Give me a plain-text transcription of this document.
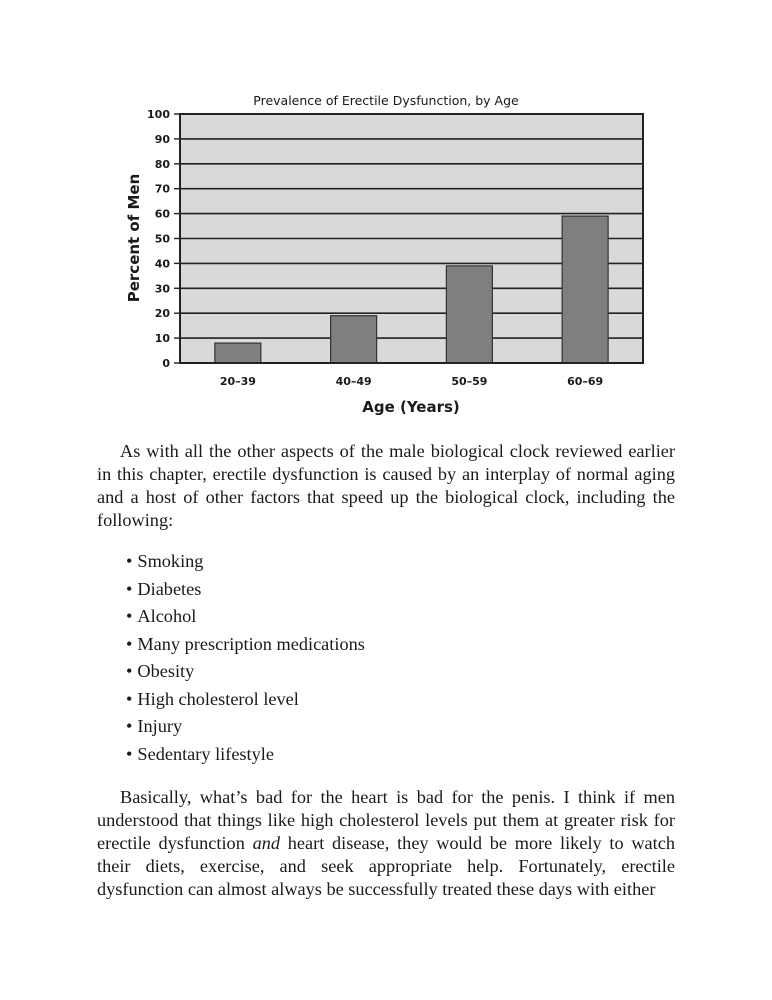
Prevalence of Erectile Dysfunction, by Age
0
10
20
30
40
50
60
70
80
90
100
20–39	40–49	50–59	60–69
Percent of Men
Age (Years)

As with all the other aspects of the male biological clock reviewed earlier in this chapter, erectile dysfunction is caused by an interplay of normal aging and a host of other factors that speed up the biological clock, including the following:

• Smoking
• Diabetes
• Alcohol
• Many prescription medications
• Obesity
• High cholesterol level
• Injury
• Sedentary lifestyle

Basically, what’s bad for the heart is bad for the penis. I think if men understood that things like high cholesterol levels put them at greater risk for erectile dysfunction and heart disease, they would be more likely to watch their diets, exercise, and seek appropriate help. Fortunately, erectile dysfunction can almost always be successfully treated these days with either
